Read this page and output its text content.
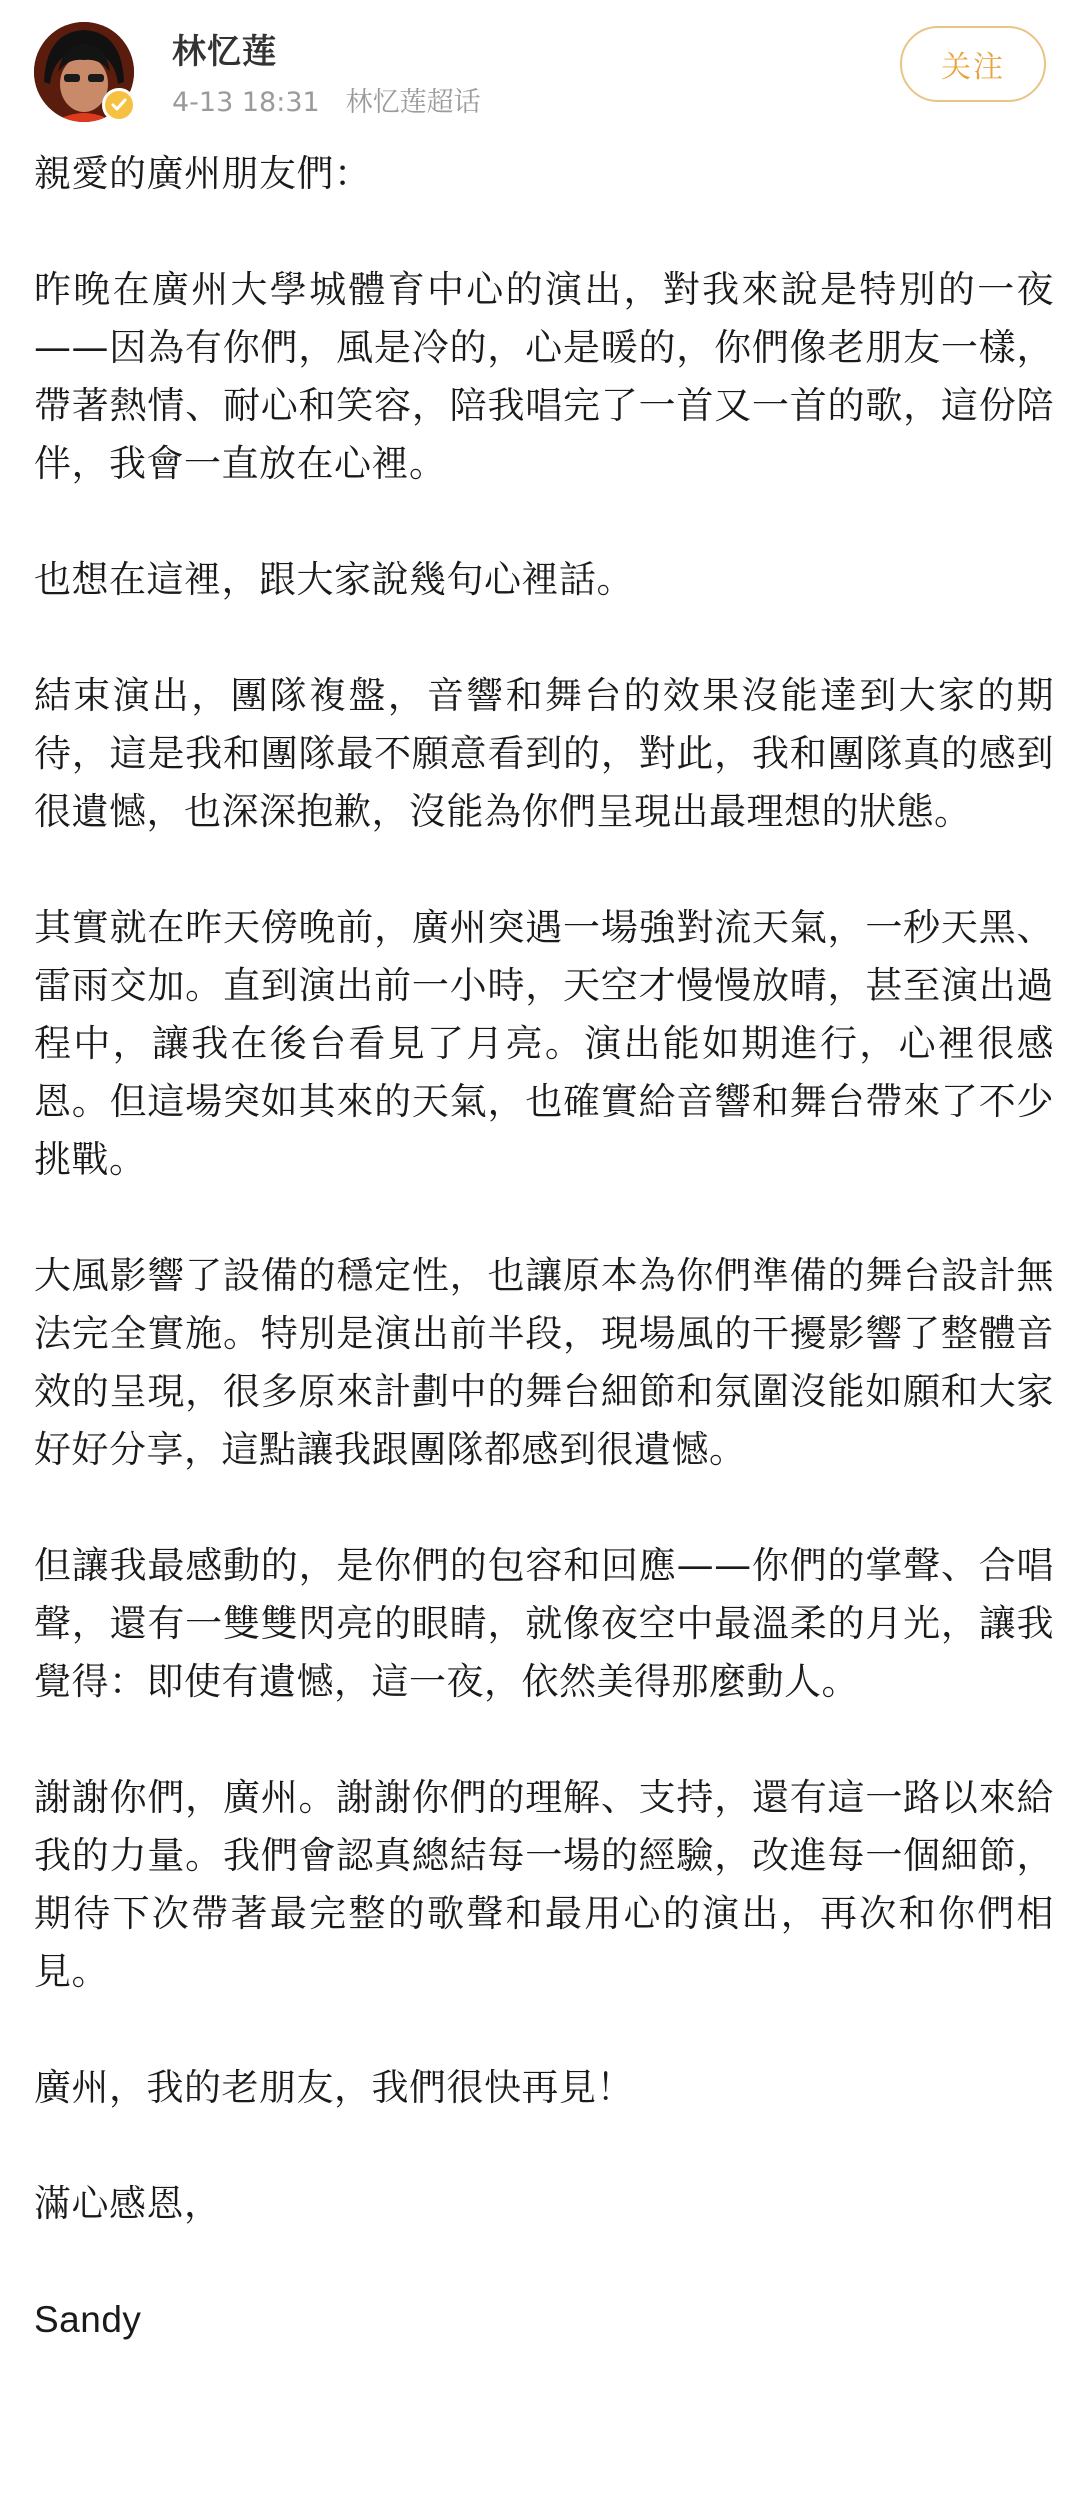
林忆莲
4-13 18:31 林忆莲超话
关注

親愛的廣州朋友們：

昨晚在廣州大學城體育中心的演出，對我來說是特別的一夜——因為有你們，風是冷的，心是暖的，你們像老朋友一樣，帶著熱情、耐心和笑容，陪我唱完了一首又一首的歌，這份陪伴，我會一直放在心裡。

也想在這裡，跟大家說幾句心裡話。

結束演出，團隊複盤，音響和舞台的效果沒能達到大家的期待，這是我和團隊最不願意看到的，對此，我和團隊真的感到很遺憾，也深深抱歉，沒能為你們呈現出最理想的狀態。

其實就在昨天傍晚前，廣州突遇一場強對流天氣，一秒天黑、雷雨交加。直到演出前一小時，天空才慢慢放晴，甚至演出過程中，讓我在後台看見了月亮。演出能如期進行，心裡很感恩。但這場突如其來的天氣，也確實給音響和舞台帶來了不少挑戰。

大風影響了設備的穩定性，也讓原本為你們準備的舞台設計無法完全實施。特別是演出前半段，現場風的干擾影響了整體音效的呈現，很多原來計劃中的舞台細節和氛圍沒能如願和大家好好分享，這點讓我跟團隊都感到很遺憾。

但讓我最感動的，是你們的包容和回應——你們的掌聲、合唱聲，還有一雙雙閃亮的眼睛，就像夜空中最溫柔的月光，讓我覺得：即使有遺憾，這一夜，依然美得那麼動人。

謝謝你們，廣州。謝謝你們的理解、支持，還有這一路以來給我的力量。我們會認真總結每一場的經驗，改進每一個細節，期待下次帶著最完整的歌聲和最用心的演出，再次和你們相見。

廣州，我的老朋友，我們很快再見！

滿心感恩，

Sandy
